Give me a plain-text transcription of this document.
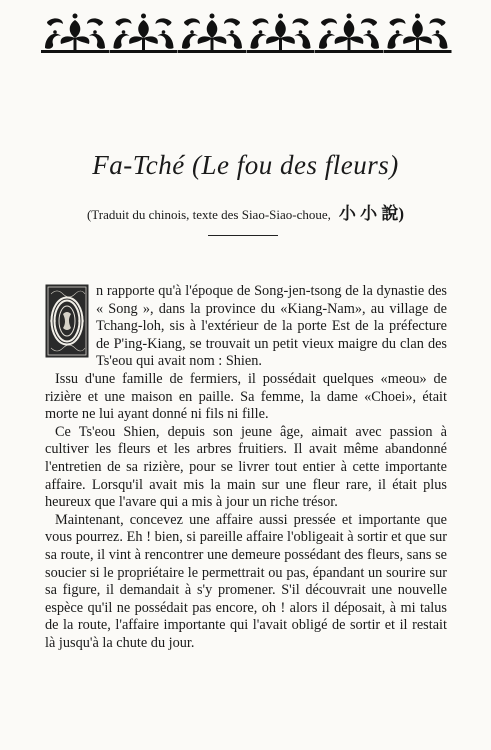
Fa-Tché (Le fou des fleurs)
(Traduit du chinois, texte des Siao-Siao-choue, 小 小 說)

n rapporte qu'à l'époque de Song-jen-tsong de la dynastie des « Song », dans la province du «Kiang-Nam», au village de Tchang-loh, sis à l'extérieur de la porte Est de la préfecture de P'ing-Kiang, se trouvait un petit vieux maigre du clan des Ts'eou qui avait nom : Shien.

Issu d'une famille de fermiers, il possédait quelques «meou» de rizière et une maison en paille. Sa femme, la dame «Choei», était morte ne lui ayant donné ni fils ni fille.

Ce Ts'eou Shien, depuis son jeune âge, aimait avec passion à cultiver les fleurs et les arbres fruitiers. Il avait même abandonné l'entretien de sa rizière, pour se livrer tout entier à cette importante affaire. Lorsqu'il avait mis la main sur une fleur rare, il était plus heureux que l'avare qui a mis à jour un riche trésor.

Maintenant, concevez une affaire aussi pressée et importante que vous pourrez. Eh ! bien, si pareille affaire l'obligeait à sortir et que sur sa route, il vint à rencontrer une demeure possédant des fleurs, sans se soucier si le propriétaire le permettrait ou pas, épandant un sourire sur sa figure, il demandait à s'y promener. S'il découvrait une nouvelle espèce qu'il ne possédait pas encore, oh ! alors il déposait, à mi talus de la route, l'affaire importante qui l'avait obligé de sortir et il restait là jusqu'à la chute du jour.
